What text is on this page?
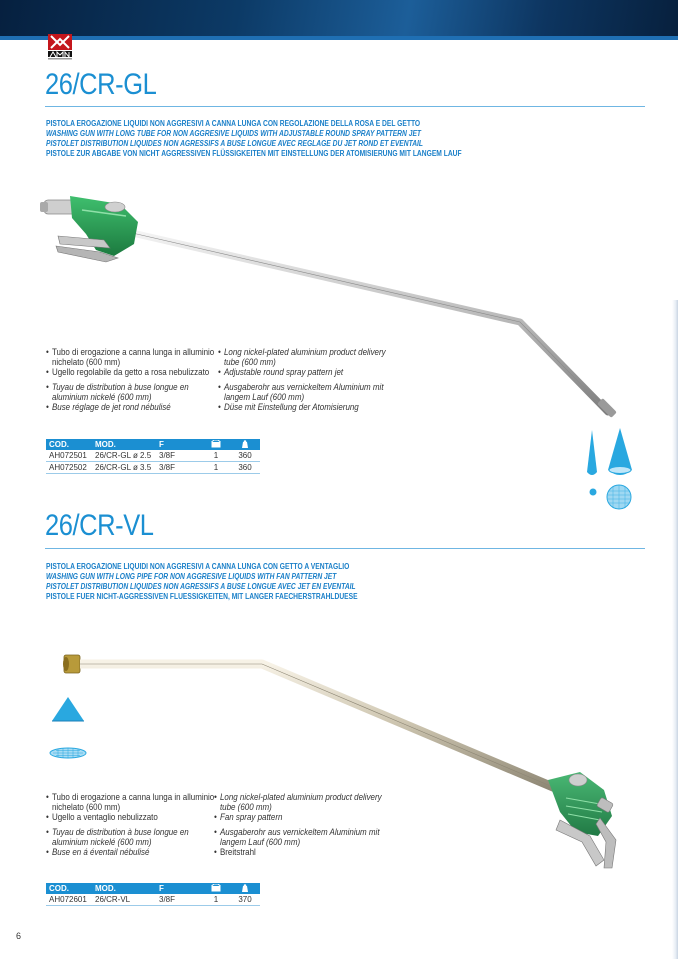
26/CR-GL
PISTOLA EROGAZIONE LIQUIDI NON AGGRESIVI A CANNA LUNGA CON REGOLAZIONE DELLA ROSA E DEL GETTO
WASHING GUN WITH LONG TUBE FOR NON AGGRESIVE LIQUIDS WITH ADJUSTABLE ROUND SPRAY PATTERN JET
PISTOLET DISTRIBUTION LIQUIDES NON AGRESSIFS A BUSE LONGUE AVEC REGLAGE DU JET ROND ET EVENTAIL
PISTOLE ZUR ABGABE VON NICHT AGGRESSIVEN FLÜSSIGKEITEN MIT EINSTELLUNG DER ATOMISIERUNG MIT LANGEM LAUF
• Tubo di erogazione a canna lunga in alluminio
nichelato (600 mm)
• Ugello regolabile da getto a rosa nebulizzato
• Tuyau de distribution à buse longue en
aluminium nickelé (600 mm)
• Buse réglage de jet rond nébulisé
• Long nickel-plated aluminium product delivery
tube (600 mm)
• Adjustable round spray pattern jet
• Ausgaberohr aus vernickeltem Aluminium mit
langem Lauf (600 mm)
• Düse mit Einstellung der Atomisierung
COD.	MOD.	F		
AH072501	26/CR-GL ø 2.5	3/8F	1	360
AH072502	26/CR-GL ø 3.5	3/8F	1	360
26/CR-VL
PISTOLA EROGAZIONE LIQUIDI NON AGGRESIVI A CANNA LUNGA CON GETTO A VENTAGLIO
WASHING GUN WITH LONG PIPE FOR NON AGGRESIVE LIQUIDS WITH FAN PATTERN JET
PISTOLET DISTRIBUTION LIQUIDES NON AGRESSIFS A BUSE LONGUE AVEC JET EN EVENTAIL
PISTOLE FUER NICHT-AGGRESSIVEN FLUESSIGKEITEN, MIT LANGER FAECHERSTRAHLDUESE
• Tubo di erogazione a canna lunga in alluminio
nichelato (600 mm)
• Ugello a ventaglio nebulizzato
• Tuyau de distribution à buse longue en
aluminium nickelé (600 mm)
• Buse en á éventail nébulisé
• Long nickel-plated aluminium product delivery
tube (600 mm)
• Fan spray pattern
• Ausgaberohr aus vernickeltem Aluminium mit
langem Lauf (600 mm)
• Breitstrahl
COD.	MOD.	F		
AH072601	26/CR-VL	3/8F	1	370
6
